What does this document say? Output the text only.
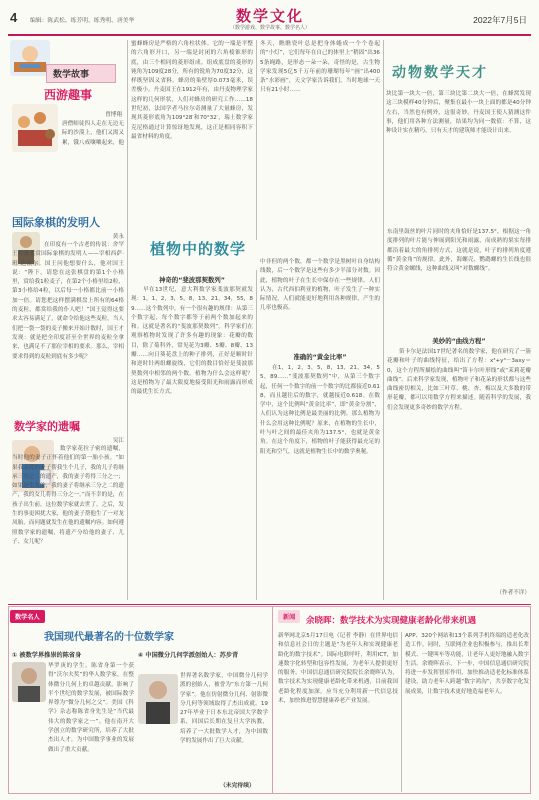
4 编辑：陈武松、练芳明、练秀明、唐美华	数学文化
（数学游戏、数学故事、数学名人）
2022年7月5日
数学故事
西游趣事
曾博翔
唐僧师徒四人走在无边无际的沙漠上，他们又渴又累，饿八戒嚷嚷起来，他
国际象棋的发明人
黄永
在印度有一个古老的传说：舍罕王打算奖赏国际象棋的发明人——宰相西萨·班·达依尔。国王问他想要什么，他对国王说：“陛下，请您在这张棋盘的第1个小格里，赏给我1粒麦子，在第2个小格里给2粒，第3小格给4粒，以后每一小格都比前一小格加一倍。请您把这样摆满棋盘上所有的64格的麦粒，都赏给我的仆人吧！”国王觉得这要求太容易满足了，就命令给他这些麦粒。当人们把一袋一袋的麦子搬来开始计数时，国王才发现：就是把全印度甚至全世界的麦粒全拿来，也满足不了那位宰相的要求。那么，宰相要求得到的麦粒到底有多少呢？
数学家的遗嘱
吴江
数学家花拉子密的遗嘱，当时他的妻子正怀着他们的第一胎小孩。“如果我亲爱的妻子帮我生个儿子，我的儿子将继承三分之二的遗产，我的妻子将得三分之一；如果是生女的，我的妻子将继承三分之二的遗产，我的女儿将得三分之一。”而不幸的是，在孩子出生前，这位数学家就去世了。之后，发生的事更困扰大家，他的妻子帮他生了一对龙凤胎，而问题就发生在他的遗嘱内容。如何遵照数学家的遗嘱，将遗产分给他的妻子、儿子、女儿呢？
蜜蜂蜂房是严格的六角柱状体。它的一端是平整的六角形开口，另一端是封闭的六角棱锥形的底，由三个相同的菱形组成。组成底盘的菱形的钝角为109度28分，所有的锐角为70度32分，这样既坚固又省料。蜂房的巢壁厚0.073毫米，误差极小。丹麦国王在1912年有，由丹麦物理学家这样的几何形状，人们对蜂房的研究工作……18世纪初，法国学者马拉尔奇测量了大量蜂房，发现其菱形底角为109°28′和70°32′，瑞士数学家克尼格通过计算惊讶地发现，这正是相同容积下最省材料的角度。
冬天，瞧瞧瓷叶总是把身体蜷成一个个卷起的“小灯”，它们每年在自己的体里上“稍固”出365条绳路，是形态一朵一朵，奇怪的是，古生物学家发现5亿5千万年前的珊瑚每年“画”出400条“水彩画”，天文学家告诉我们，当时地球一天只有21小时……
动物数学天才
块比第一块大一倍，第三块比第二块大一倍，在蜂窝发现这三块模样40分钟后，聚集在最小一块上面的都是40分钟左右，当然也有例外，这很奇妙。丹麦国王使人猜测这件事，他们用各种方法测量，结果均为同一数值：不算，这种设计实在精巧，只有天才的建筑师才能设计出来。
植物中的数学
神奇的“斐波那契数列”
早在13世纪，意大利数学家斐波那契就发现：1，1，2，3，5，8，13，21，34，55，89……这个数列中，有一个很有趣的规律：从第三个数字起，每个数字都等于前两个数加起来的和。这就是著名的“斐波那契数列”。科学家们在观察植物时发现了许多有趣的现象：花瓣的数目，除了菊科外，常见花为3瓣、5瓣、8瓣、13瓣……向日葵花盘上的种子排列，正好是顺时针和逆时针两组螺旋线，它们的数目恰好是斐波那契数列中相邻的两个数。植物为什么会这样呢？这是植物为了最大限度地接受阳光和雨露而形成的最优生长方式。
中非但的两个数，都一个数学是黑树叶自身结构线数，后一个数学是这些有多少半部分对数。因此，植物的叶子在生长中保存在一些规律。人们认为，古代西伯利亚的植物，叶子发生了一种实际情况，人们就能更好地利用各种规律，产生的几率也极高。
准确的“黄金比率”
在1，1，2，3，5，8，13，21，34，55，89……“斐波那契数列”中，从第三个数字起，任何一个数字的前一个数字的比都接近0.618，而且越往后的数字，就越接近0.618。在数学中，这个比例叫“黄金比率”，即“黄金分割”，人们认为这种比例是最美丽的比例。那么植物为什么会用这种比例呢？原来，在植物的生长中，叶与叶之间的最佳夹角为137.5°，也就是黄金角。在这个角度下，植物的叶子能获得最充足的阳光和空气，这就是植物生长中的数学奥秘。
东南里鼓丝的叶片同时的夹角恰好是137.5°，根据这一角度排列的叶片能与伸展到阳光和雨露，而成熟的果实每排都沿着最大的角排列方式，这就是说，叶子的排列角度遵循“黄金角”的规律。此外，海螺壳、鹦鹉螺的生长线也很符合黄金螺线，这种曲线又叫“对数螺线”。
美妙的“曲线方程”
笛卡尔是法国17世纪著名的数学家，他在研究了一簇花瓣和叶子的曲线特征，给出了方程：x³+y³－3axy＝0，这个方程所描绘的曲线叫“笛卡尔叶形线”或“茉莉花瓣曲线”。后来科学家发现，植物叶子和花朵的形状都与这些曲线密切相关，比如三叶草、桃、杏、梅以及大多数的带形花瓣，都可以用数学方程来描述。随着科学的发展，我们会发现更多奇妙的数学方程。
（作者不详）
数学名人
我国现代最著名的十位数学家
① 被数学界推崇的陈省身
华罗庚的学生，陈省身第一个获得“沃尔夫奖”的华人数学家，在整体微分几何上的卓越贡献，影响了半个世纪的数学发展，被国际数学界尊为“微分几何之父”。美国《科学》杂志称陈省身先生是“当代最伟大的数学家之一”。他在南开大学创立的数学研究所，培养了大批杰出人才，为中国数学事业的发展做出了重大贡献。
④ 中国微分几何学派创始人：苏步青
世界著名数学家，中国微分几何学派的创始人，被誉为“东方第一几何学家”。他在仿射微分几何、射影微分几何等领域取得了杰出成就。1927年毕业于日本东北帝国大学数学系，回国后长期在复旦大学执教，培养了一大批数学人才，为中国数学的发展作出了巨大贡献。
（未完待续）
新闻	余晓晖：数学技术为实现健康老龄化带来机遇
新华网北京5月17日电（记者 李静）在世界电信和信息社会日的主题是“为老年人和实现健康老龄化的数字技术”。国际电联呼吁，利用ICT，加速数字化转型和包容性发展，为老年人提供更好的服务。中国信息通信研究院院长余晓晖认为，数字技术为实现健康老龄化带来机遇，目前我国老龄化程度加深，应当充分利用新一代信息技术，加快推进智慧健康养老产业发展。
APP、320个网站和13个系列手机终端的适老化改造工作。同时，互联网企业也积极参与，推出长辈模式、一键叫车等功能，让老年人更好地融入数字生活。余晓晖表示，下一步，中国信息通信研究院将进一步发挥智库作用，加快推动适老化标准体系建设，助力老年人跨越“数字鸿沟”，共享数字化发展成果，让数字技术更好地造福老年人。
